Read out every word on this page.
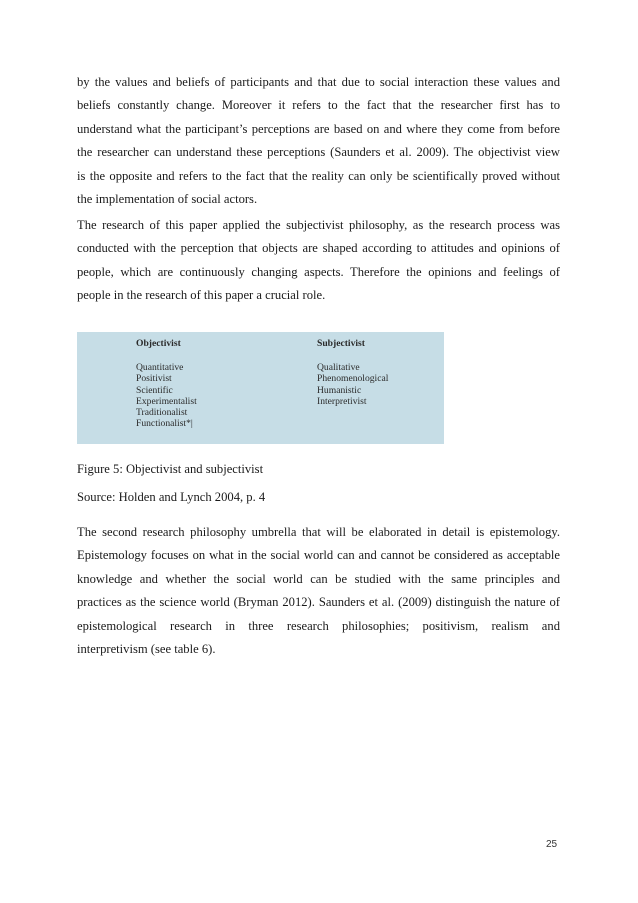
by the values and beliefs of participants and that due to social interaction these values and
beliefs constantly change. Moreover it refers to the fact that the researcher first has to
understand what the participant’s perceptions are based on and where they come from before
the researcher can understand these perceptions (Saunders et al. 2009). The objectivist view
is the opposite and refers to the fact that the reality can only be scientifically proved without
the implementation of social actors.
The research of this paper applied the subjectivist philosophy, as the research process was
conducted with the perception that objects are shaped according to attitudes and opinions of
people, which are continuously changing aspects. Therefore the opinions and feelings of
people in the research of this paper a crucial role.
Objectivist
Quantitative
Positivist
Scientific
Experimentalist
Traditionalist
Functionalist*|
Subjectivist
Qualitative
Phenomenological
Humanistic
Interpretivist

Figure 5: Objectivist and subjectivist

Source: Holden and Lynch 2004, p. 4

The second research philosophy umbrella that will be elaborated in detail is epistemology.
Epistemology focuses on what in the social world can and cannot be considered as acceptable
knowledge and whether the social world can be studied with the same principles and
practices as the science world (Bryman 2012). Saunders et al. (2009) distinguish the nature of
epistemological research in three research philosophies; positivism, realism and
interpretivism (see table 6).
25
